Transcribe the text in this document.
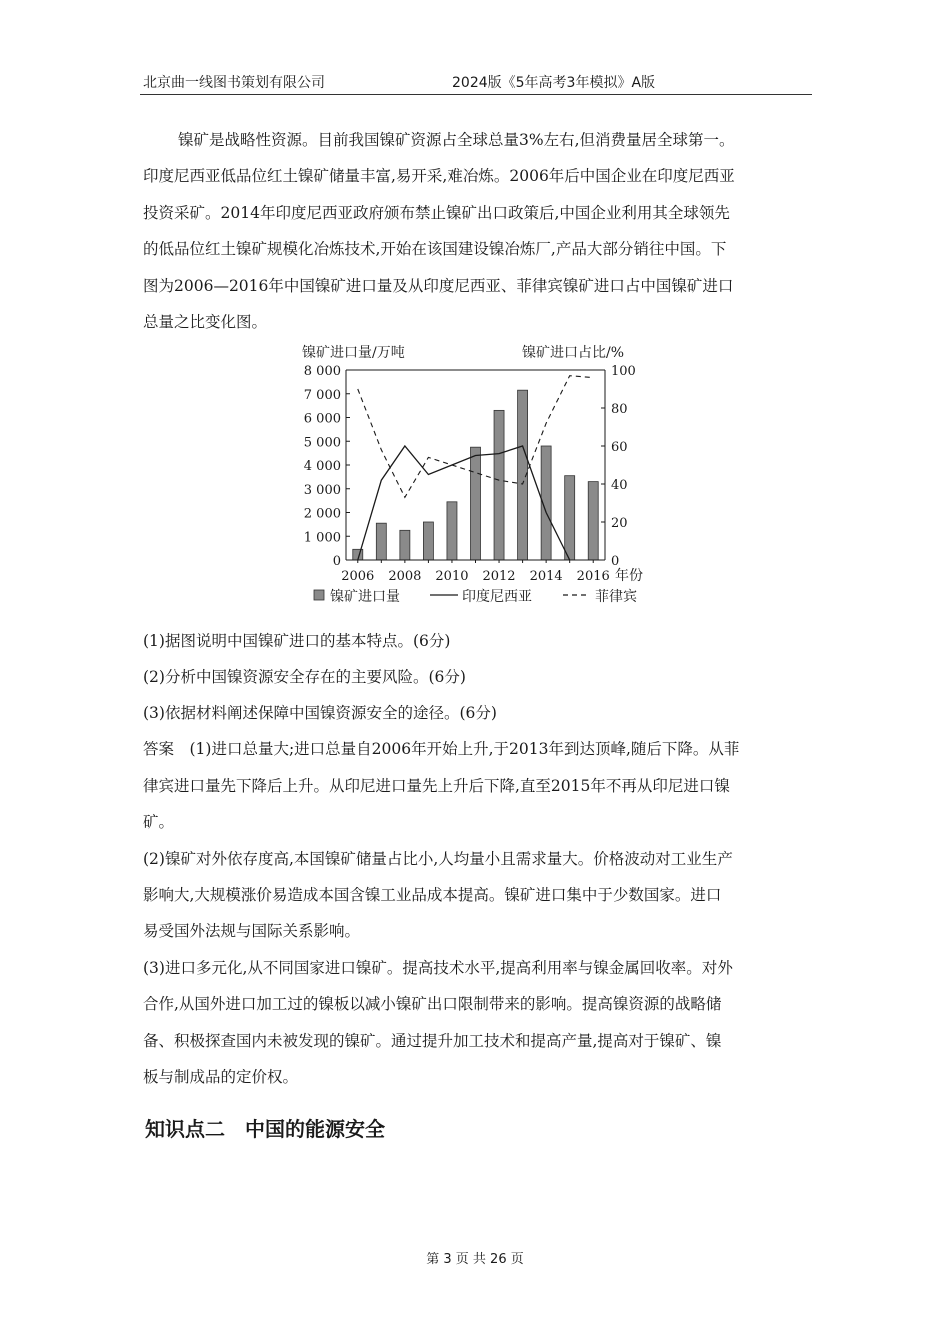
北京曲一线图书策划有限公司	2024版《5年高考3年模拟》A版
镍矿是战略性资源。目前我国镍矿资源占全球总量3%左右,但消费量居全球第一。
印度尼西亚低品位红土镍矿储量丰富,易开采,难冶炼。2006年后中国企业在印度尼西亚
投资采矿。2014年印度尼西亚政府颁布禁止镍矿出口政策后,中国企业利用其全球领先
的低品位红土镍矿规模化冶炼技术,开始在该国建设镍冶炼厂,产品大部分销往中国。下
图为2006—2016年中国镍矿进口量及从印度尼西亚、菲律宾镍矿进口占中国镍矿进口
总量之比变化图。
镍矿进口量/万吨	镍矿进口占比/%
0
1 000
2 000
3 000
4 000
5 000
6 000
7 000
8 000
0
20
40
60
80
100
2006 2008 2010 2012 2014 2016 年份
镍矿进口量	印度尼西亚	菲律宾
(1)据图说明中国镍矿进口的基本特点。(6分)
(2)分析中国镍资源安全存在的主要风险。(6分)
(3)依据材料阐述保障中国镍资源安全的途径。(6分)
答案　(1)进口总量大;进口总量自2006年开始上升,于2013年到达顶峰,随后下降。从菲
律宾进口量先下降后上升。从印尼进口量先上升后下降,直至2015年不再从印尼进口镍
矿。
(2)镍矿对外依存度高,本国镍矿储量占比小,人均量小且需求量大。价格波动对工业生产
影响大,大规模涨价易造成本国含镍工业品成本提高。镍矿进口集中于少数国家。进口
易受国外法规与国际关系影响。
(3)进口多元化,从不同国家进口镍矿。提高技术水平,提高利用率与镍金属回收率。对外
合作,从国外进口加工过的镍板以减小镍矿出口限制带来的影响。提高镍资源的战略储
备、积极探查国内未被发现的镍矿。通过提升加工技术和提高产量,提高对于镍矿、镍
板与制成品的定价权。
知识点二　中国的能源安全
第 3 页 共 26 页
